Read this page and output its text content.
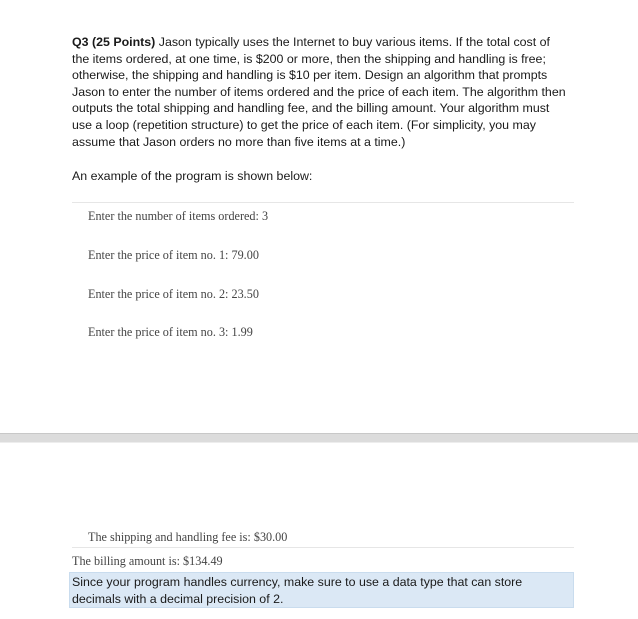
Q3 (25 Points) Jason typically uses the Internet to buy various items. If the total cost of the items ordered, at one time, is $200 or more, then the shipping and handling is free; otherwise, the shipping and handling is $10 per item. Design an algorithm that prompts Jason to enter the number of items ordered and the price of each item. The algorithm then outputs the total shipping and handling fee, and the billing amount. Your algorithm must use a loop (repetition structure) to get the price of each item. (For simplicity, you may assume that Jason orders no more than five items at a time.)

An example of the program is shown below:

Enter the number of items ordered: 3
Enter the price of item no. 1: 79.00
Enter the price of item no. 2: 23.50
Enter the price of item no. 3: 1.99
The shipping and handling fee is: $30.00
The billing amount is: $134.49

Since your program handles currency, make sure to use a data type that can store decimals with a decimal precision of 2.
